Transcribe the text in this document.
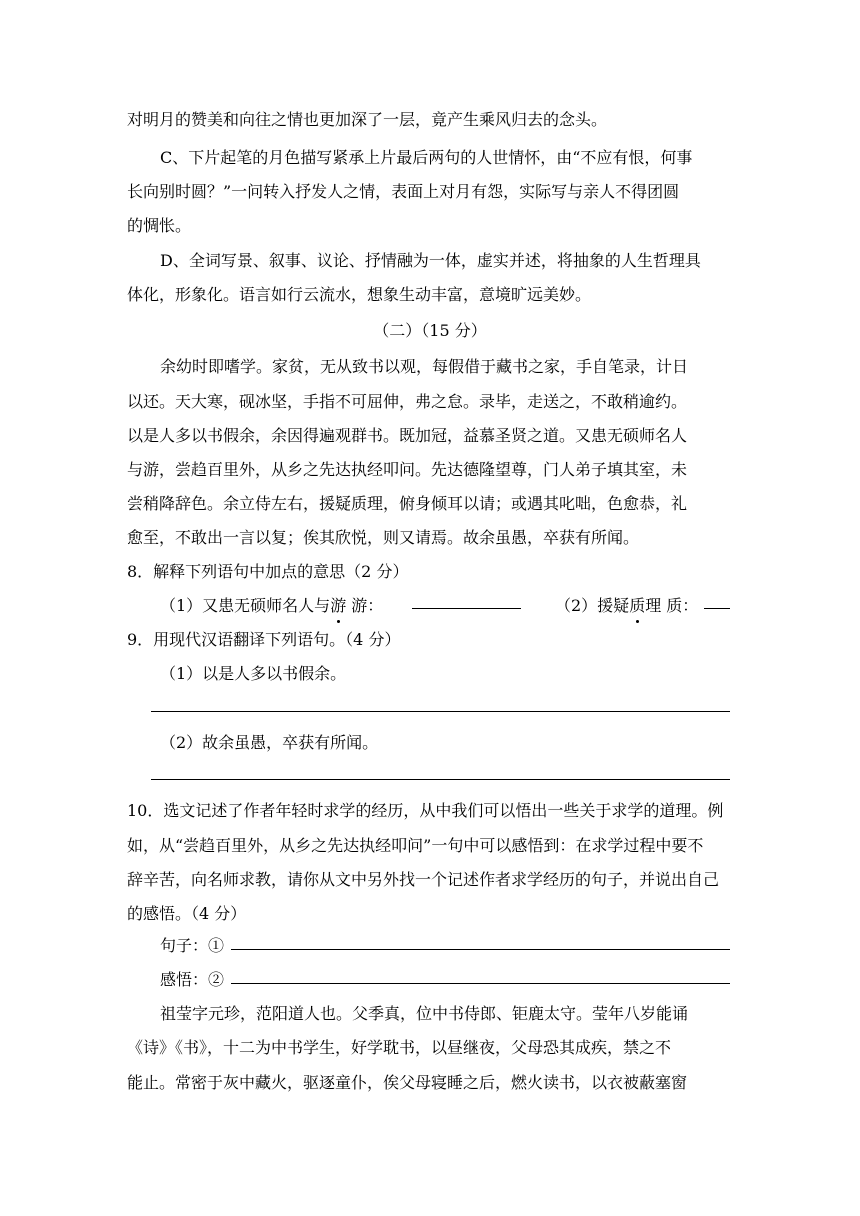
对明月的赞美和向往之情也更加深了一层，竟产生乘风归去的念头。
C、下片起笔的月色描写紧承上片最后两句的人世情怀，由“不应有恨，何事
长向别时圆？”一问转入抒发人之情，表面上对月有怨，实际写与亲人不得团圆
的惆怅。
D、全词写景、叙事、议论、抒情融为一体，虚实并述，将抽象的人生哲理具
体化，形象化。语言如行云流水，想象生动丰富，意境旷远美妙。
（二）（15 分）
余幼时即嗜学。家贫，无从致书以观，每假借于藏书之家，手自笔录，计日
以还。天大寒，砚冰坚，手指不可屈伸，弗之怠。录毕，走送之，不敢稍逾约。
以是人多以书假余，余因得遍观群书。既加冠，益慕圣贤之道。又患无硕师名人
与游，尝趋百里外，从乡之先达执经叩问。先达德隆望尊，门人弟子填其室，未
尝稍降辞色。余立侍左右，援疑质理，俯身倾耳以请；或遇其叱咄，色愈恭，礼
愈至，不敢出一言以复；俟其欣悦，则又请焉。故余虽愚，卒获有所闻。
8．解释下列语句中加点的意思（2 分）
（1）又患无硕师名人与游 游：	（2）援疑质理 质：
9．用现代汉语翻译下列语句。（4 分）
（1）以是人多以书假余。
（2）故余虽愚，卒获有所闻。
10．选文记述了作者年轻时求学的经历，从中我们可以悟出一些关于求学的道理。例
如，从“尝趋百里外，从乡之先达执经叩问”一句中可以感悟到：在求学过程中要不
辞辛苦，向名师求教，请你从文中另外找一个记述作者求学经历的句子，并说出自己
的感悟。（4 分）
句子：①
感悟：②
祖莹字元珍，范阳道人也。父季真，位中书侍郎、钜鹿太守。莹年八岁能诵
《诗》《书》，十二为中书学生，好学耽书，以昼继夜，父母恐其成疾，禁之不
能止。常密于灰中藏火，驱逐童仆，俟父母寝睡之后，燃火读书，以衣被蔽塞窗
